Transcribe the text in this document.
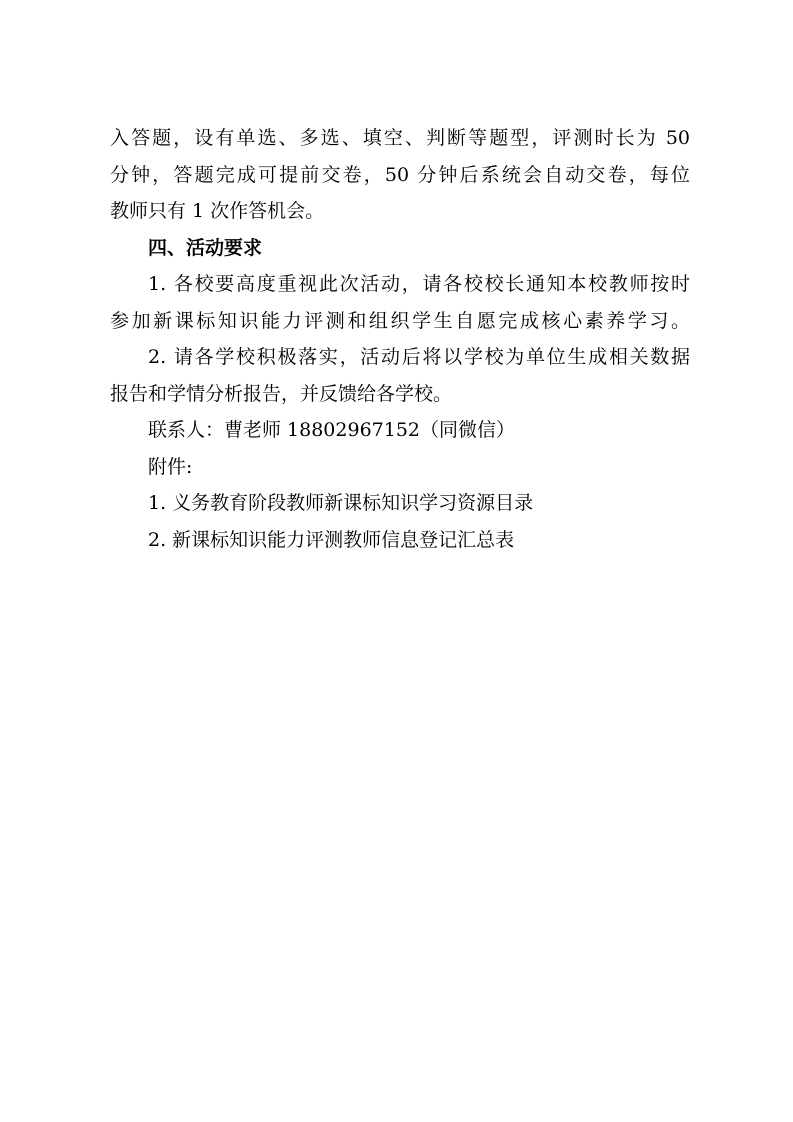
入答题，设有单选、多选、填空、判断等题型，评测时长为 50
分钟，答题完成可提前交卷，50 分钟后系统会自动交卷，每位
教师只有 1 次作答机会。
四、活动要求
1. 各校要高度重视此次活动，请各校校长通知本校教师按时
参加新课标知识能力评测和组织学生自愿完成核心素养学习。
2. 请各学校积极落实，活动后将以学校为单位生成相关数据
报告和学情分析报告，并反馈给各学校。
联系人：曹老师 18802967152（同微信）
附件:
1. 义务教育阶段教师新课标知识学习资源目录
2. 新课标知识能力评测教师信息登记汇总表
